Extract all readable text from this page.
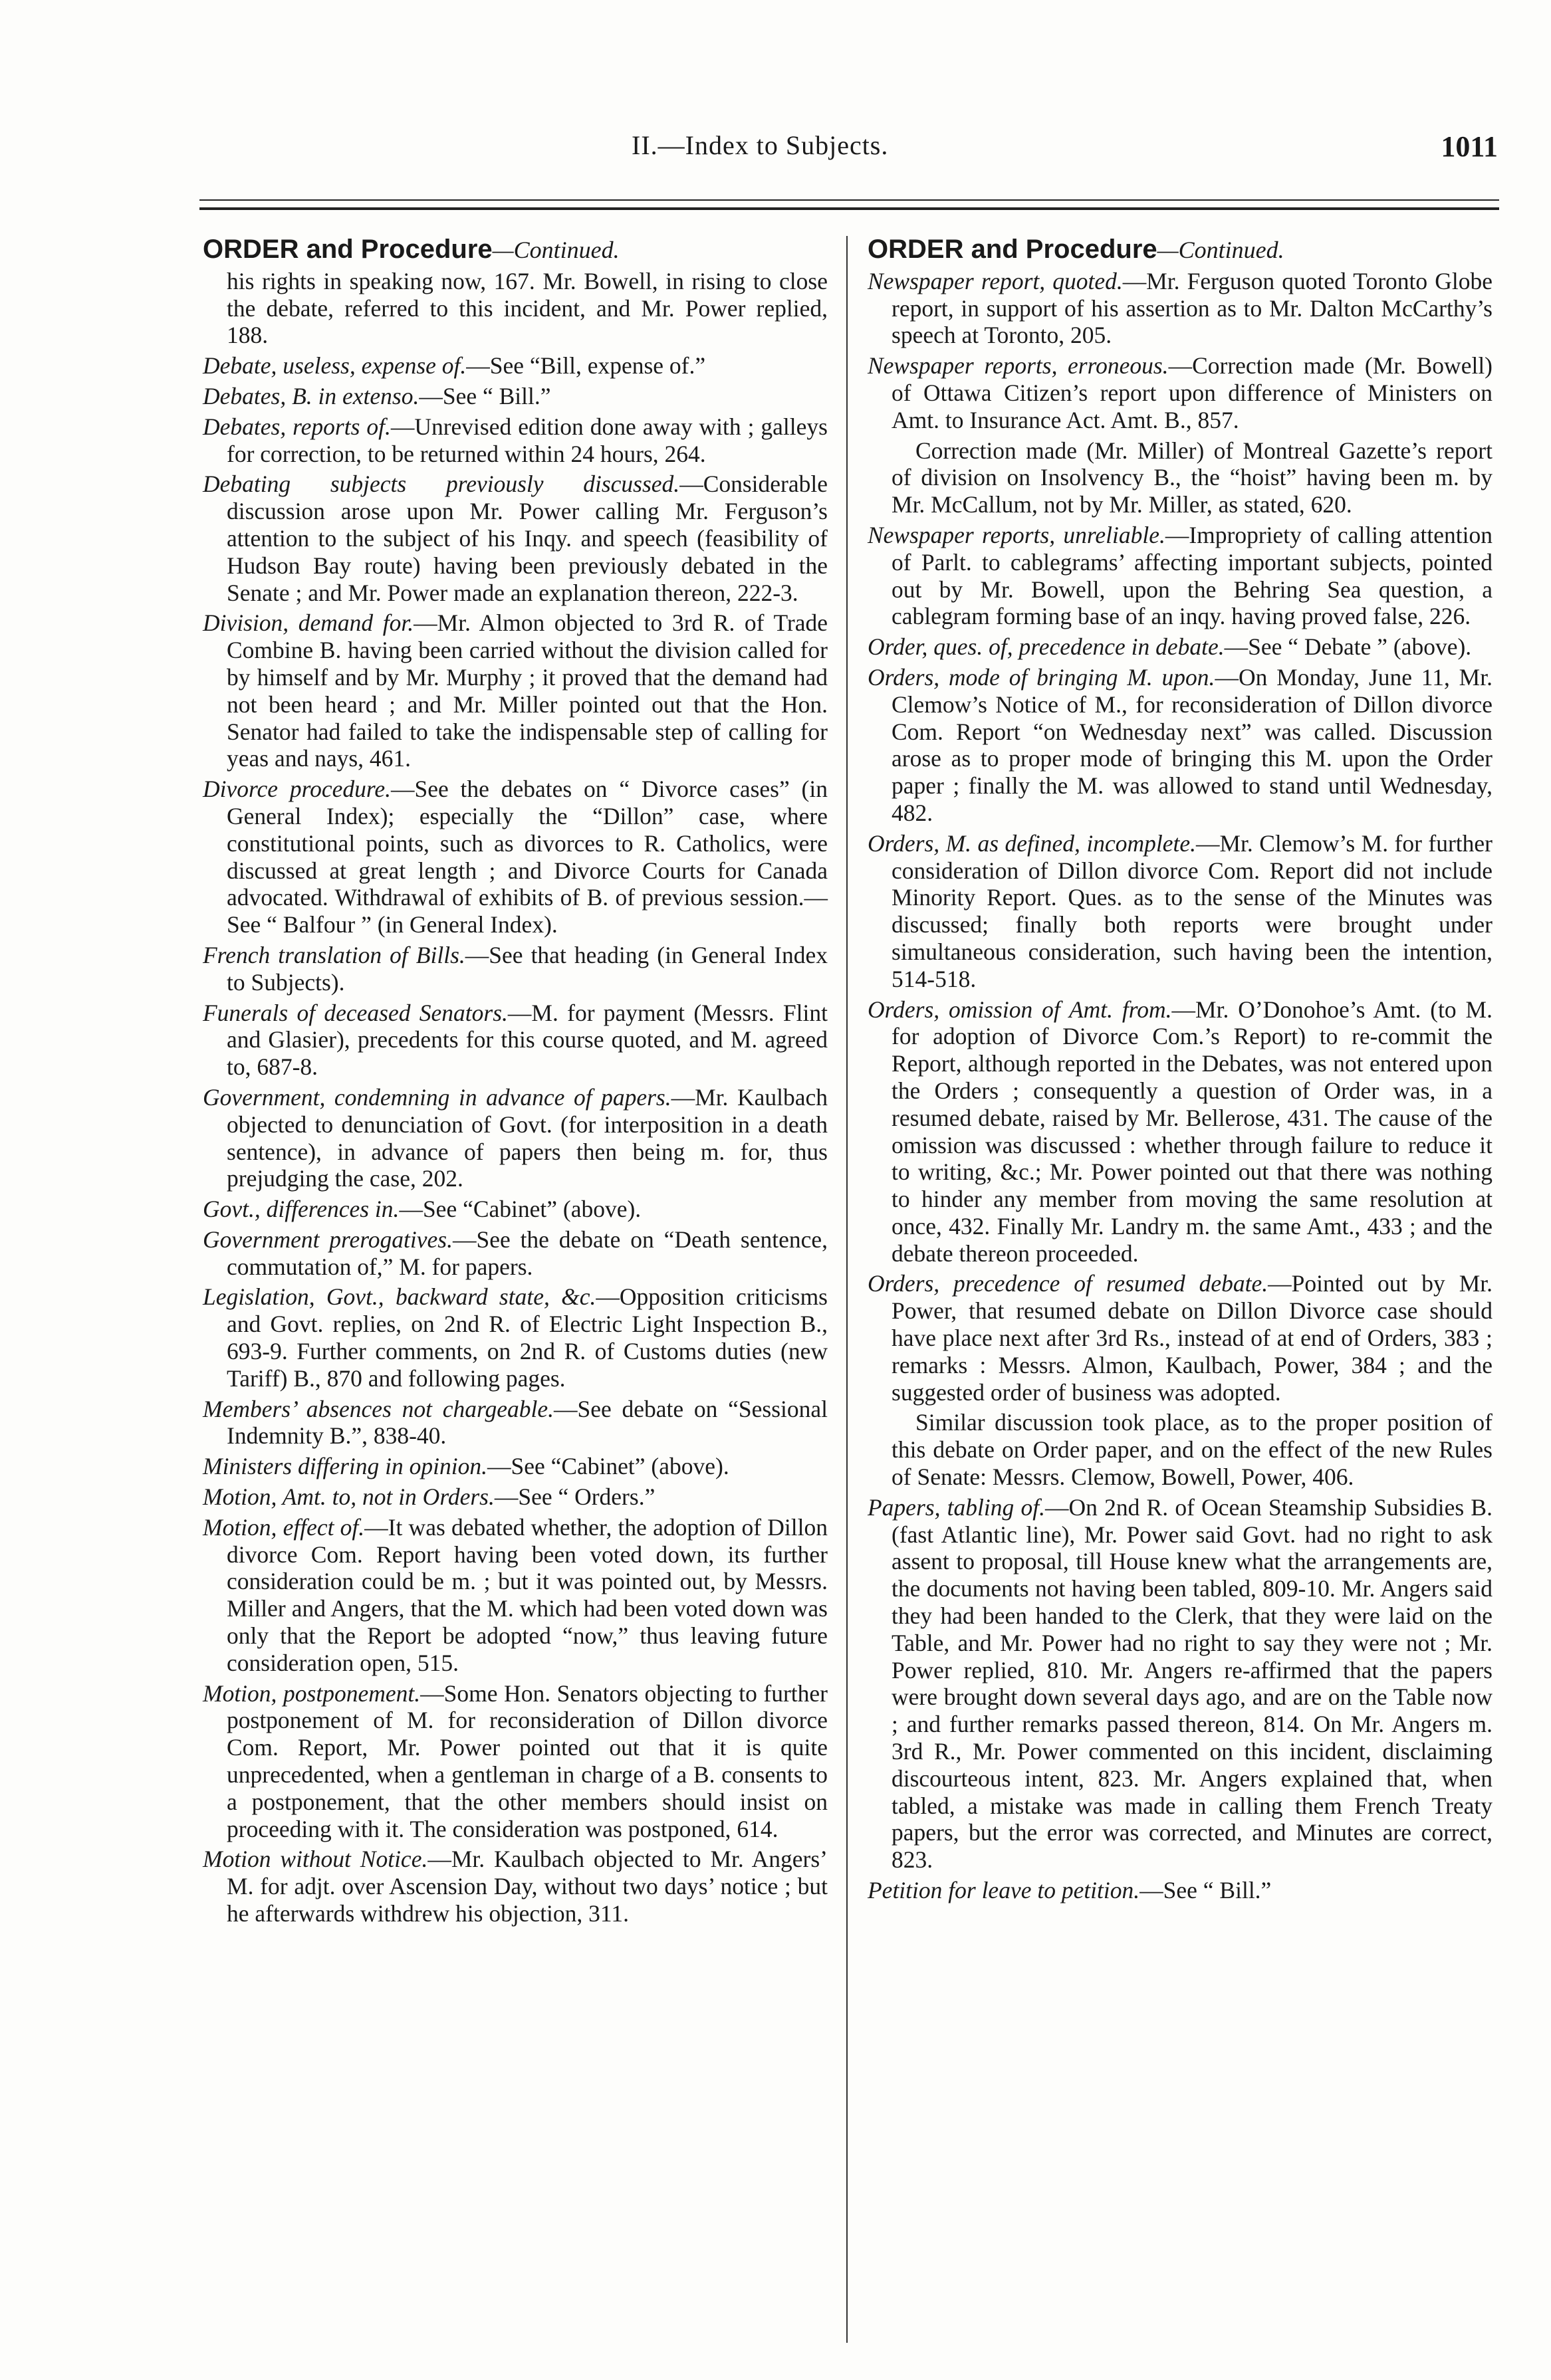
II.—Index to Subjects.	1011
ORDER and Procedure—Continued.

his rights in speaking now, 167. Mr. Bowell, in rising to close the debate, referred to this incident, and Mr. Power replied, 188.

Debate, useless, expense of.—See “Bill, expense of.”

Debates, B. in extenso.—See “ Bill.”

Debates, reports of.—Unrevised edition done away with ; galleys for correction, to be returned within 24 hours, 264.

Debating subjects previously discussed.—Considerable discussion arose upon Mr. Power calling Mr. Ferguson’s attention to the subject of his Inqy. and speech (feasibility of Hudson Bay route) having been previously debated in the Senate ; and Mr. Power made an explanation thereon, 222-3.

Division, demand for.—Mr. Almon objected to 3rd R. of Trade Combine B. having been carried without the division called for by himself and by Mr. Murphy ; it proved that the demand had not been heard ; and Mr. Miller pointed out that the Hon. Senator had failed to take the indispensable step of calling for yeas and nays, 461.

Divorce procedure.—See the debates on “ Divorce cases” (in General Index); especially the “Dillon” case, where constitutional points, such as divorces to R. Catholics, were discussed at great length ; and Divorce Courts for Canada advocated. Withdrawal of exhibits of B. of previous session.—See “ Balfour ” (in General Index).

French translation of Bills.—See that heading (in General Index to Subjects).

Funerals of deceased Senators.—M. for payment (Messrs. Flint and Glasier), precedents for this course quoted, and M. agreed to, 687-8.

Government, condemning in advance of papers.—Mr. Kaulbach objected to denunciation of Govt. (for interposition in a death sentence), in advance of papers then being m. for, thus prejudging the case, 202.

Govt., differences in.—See “Cabinet” (above).

Government prerogatives.—See the debate on “Death sentence, commutation of,” M. for papers.

Legislation, Govt., backward state, &c.—Opposition criticisms and Govt. replies, on 2nd R. of Electric Light Inspection B., 693-9. Further comments, on 2nd R. of Customs duties (new Tariff) B., 870 and following pages.

Members’ absences not chargeable.—See debate on “Sessional Indemnity B.”, 838-40.

Ministers differing in opinion.—See “Cabinet” (above).

Motion, Amt. to, not in Orders.—See “ Orders.”

Motion, effect of.—It was debated whether, the adoption of Dillon divorce Com. Report having been voted down, its further consideration could be m. ; but it was pointed out, by Messrs. Miller and Angers, that the M. which had been voted down was only that the Report be adopted “now,” thus leaving future consideration open, 515.

Motion, postponement.—Some Hon. Senators objecting to further postponement of M. for reconsideration of Dillon divorce Com. Report, Mr. Power pointed out that it is quite unprecedented, when a gentleman in charge of a B. consents to a postponement, that the other members should insist on proceeding with it. The consideration was postponed, 614.

Motion without Notice.—Mr. Kaulbach objected to Mr. Angers’ M. for adjt. over Ascension Day, without two days’ notice ; but he afterwards withdrew his objection, 311.

ORDER and Procedure—Continued.

Newspaper report, quoted.—Mr. Ferguson quoted Toronto Globe report, in support of his assertion as to Mr. Dalton McCarthy’s speech at Toronto, 205.

Newspaper reports, erroneous.—Correction made (Mr. Bowell) of Ottawa Citizen’s report upon difference of Ministers on Amt. to Insurance Act. Amt. B., 857.

Correction made (Mr. Miller) of Montreal Gazette’s report of division on Insolvency B., the “hoist” having been m. by Mr. McCallum, not by Mr. Miller, as stated, 620.

Newspaper reports, unreliable.—Impropriety of calling attention of Parlt. to cablegrams’ affecting important subjects, pointed out by Mr. Bowell, upon the Behring Sea question, a cablegram forming base of an inqy. having proved false, 226.

Order, ques. of, precedence in debate.—See “ Debate ” (above).

Orders, mode of bringing M. upon.—On Monday, June 11, Mr. Clemow’s Notice of M., for reconsideration of Dillon divorce Com. Report “on Wednesday next” was called. Discussion arose as to proper mode of bringing this M. upon the Order paper ; finally the M. was allowed to stand until Wednesday, 482.

Orders, M. as defined, incomplete.—Mr. Clemow’s M. for further consideration of Dillon divorce Com. Report did not include Minority Report. Ques. as to the sense of the Minutes was discussed; finally both reports were brought under simultaneous consideration, such having been the intention, 514-518.

Orders, omission of Amt. from.—Mr. O’Donohoe’s Amt. (to M. for adoption of Divorce Com.’s Report) to re-commit the Report, although reported in the Debates, was not entered upon the Orders ; consequently a question of Order was, in a resumed debate, raised by Mr. Bellerose, 431. The cause of the omission was discussed : whether through failure to reduce it to writing, &c.; Mr. Power pointed out that there was nothing to hinder any member from moving the same resolution at once, 432. Finally Mr. Landry m. the same Amt., 433 ; and the debate thereon proceeded.

Orders, precedence of resumed debate.—Pointed out by Mr. Power, that resumed debate on Dillon Divorce case should have place next after 3rd Rs., instead of at end of Orders, 383 ; remarks : Messrs. Almon, Kaulbach, Power, 384 ; and the suggested order of business was adopted.

Similar discussion took place, as to the proper position of this debate on Order paper, and on the effect of the new Rules of Senate: Messrs. Clemow, Bowell, Power, 406.

Papers, tabling of.—On 2nd R. of Ocean Steamship Subsidies B. (fast Atlantic line), Mr. Power said Govt. had no right to ask assent to proposal, till House knew what the arrangements are, the documents not having been tabled, 809-10. Mr. Angers said they had been handed to the Clerk, that they were laid on the Table, and Mr. Power had no right to say they were not ; Mr. Power replied, 810. Mr. Angers re-affirmed that the papers were brought down several days ago, and are on the Table now ; and further remarks passed thereon, 814. On Mr. Angers m. 3rd R., Mr. Power commented on this incident, disclaiming discourteous intent, 823. Mr. Angers explained that, when tabled, a mistake was made in calling them French Treaty papers, but the error was corrected, and Minutes are correct, 823.

Petition for leave to petition.—See “ Bill.”
